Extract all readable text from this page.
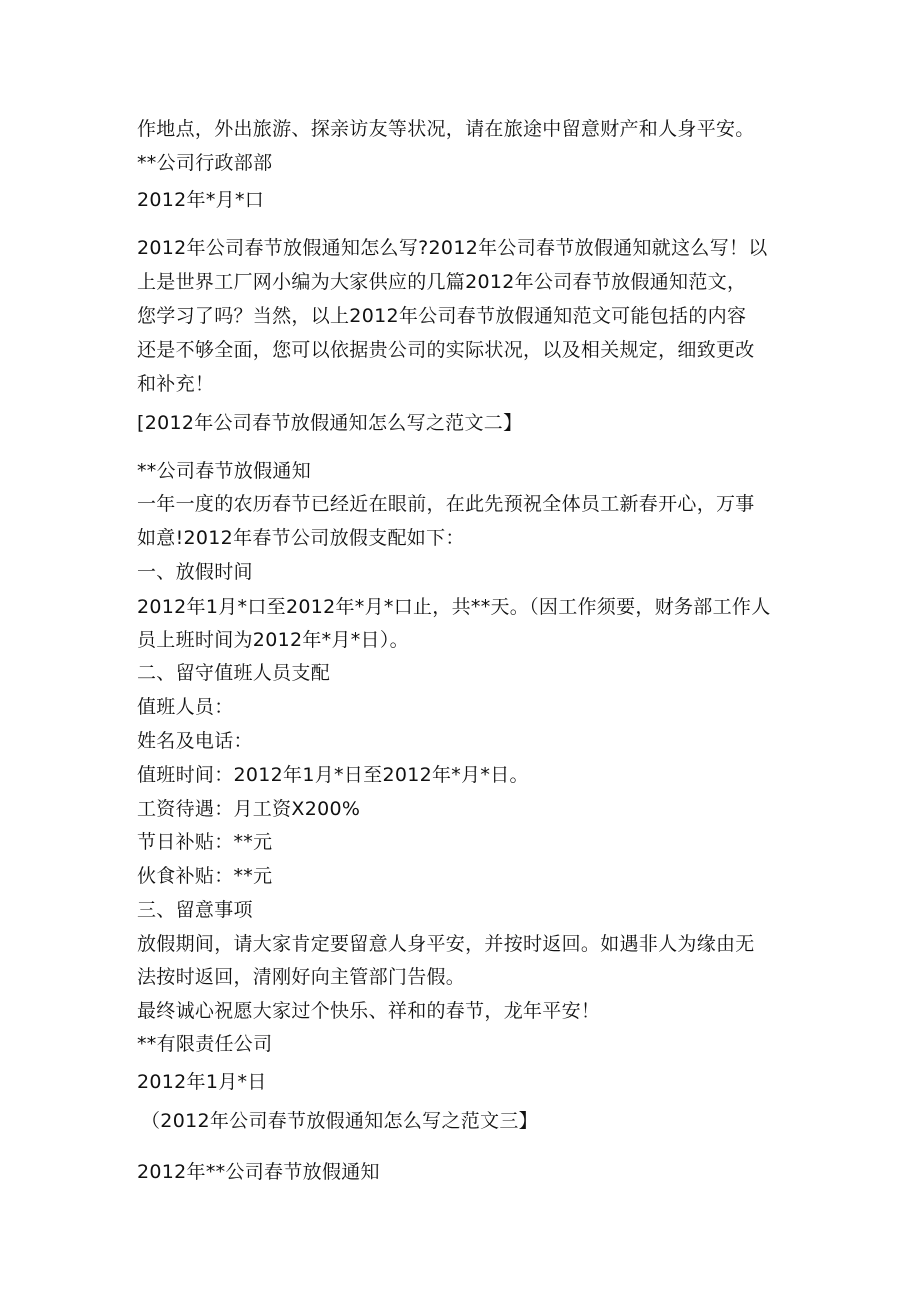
作地点，外出旅游、探亲访友等状况，请在旅途中留意财产和人身平安。
**公司行政部部
2012年*月*口
2012年公司春节放假通知怎么写?2012年公司春节放假通知就这么写！以
上是世界工厂网小编为大家供应的几篇2012年公司春节放假通知范文，
您学习了吗？当然，以上2012年公司春节放假通知范文可能包括的内容
还是不够全面，您可以依据贵公司的实际状况，以及相关规定，细致更改
和补充！
[2012年公司春节放假通知怎么写之范文二】
**公司春节放假通知
一年一度的农历春节已经近在眼前，在此先预祝全体员工新春开心，万事
如意!2012年春节公司放假支配如下：
一、放假时间
2012年1月*口至2012年*月*口止，共**天。（因工作须要，财务部工作人
员上班时间为2012年*月*日）。
二、留守值班人员支配
值班人员：
姓名及电话：
值班时间：2012年1月*日至2012年*月*日。
工资待遇：月工资X200%
节日补贴：**元
伙食补贴：**元
三、留意事项
放假期间，请大家肯定要留意人身平安，并按时返回。如遇非人为缘由无
法按时返回，清刚好向主管部门告假。
最终诚心祝愿大家过个快乐、祥和的春节，龙年平安！
**有限责任公司
2012年1月*日
（2012年公司春节放假通知怎么写之范文三】
2012年**公司春节放假通知
